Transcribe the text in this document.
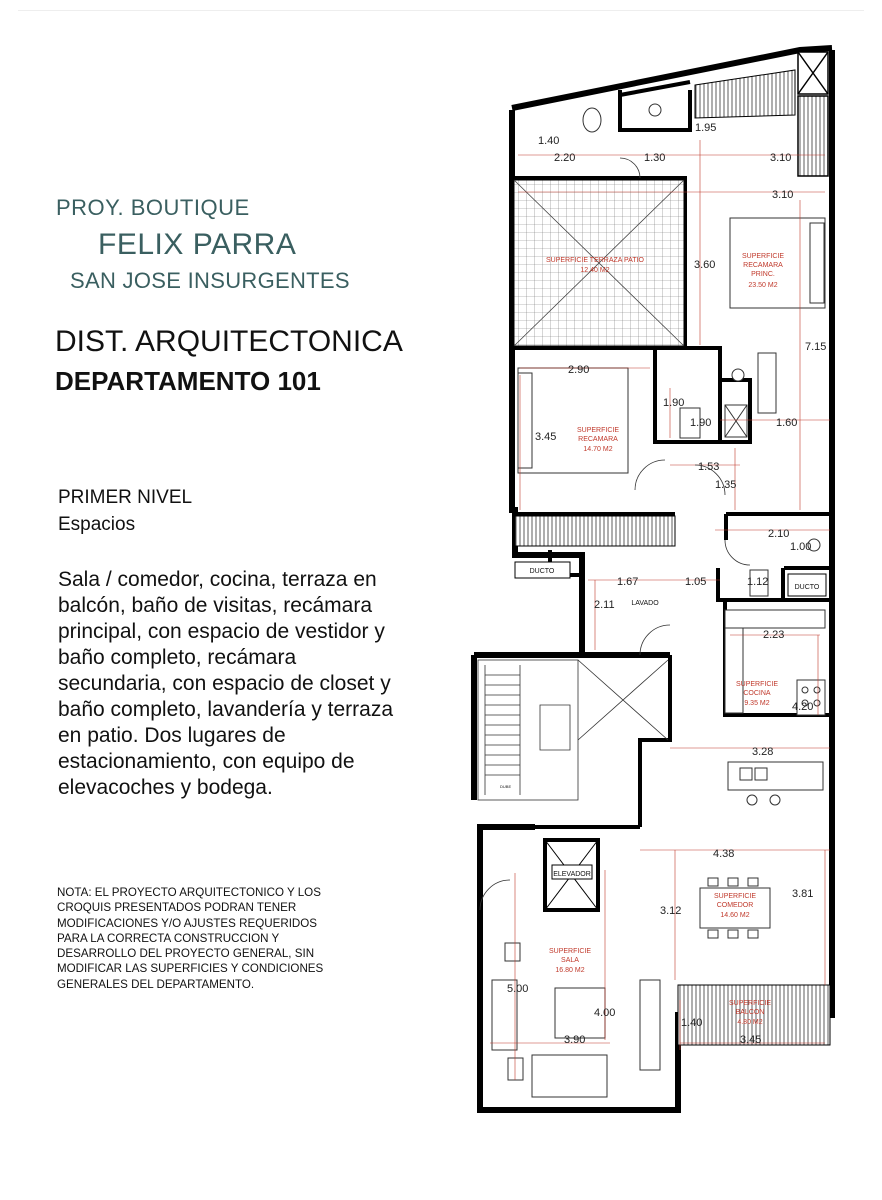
PROY. BOUTIQUE
FELIX PARRA
SAN JOSE INSURGENTES
DIST. ARQUITECTONICA
DEPARTAMENTO 101
PRIMER NIVEL
Espacios

Sala / comedor, cocina, terraza en balcón, baño de visitas, recámara principal, con espacio de vestidor y baño completo, recámara secundaria, con espacio de closet y baño completo, lavandería y terraza en patio. Dos lugares de estacionamiento, con equipo de elevacoches y bodega.

NOTA: EL PROYECTO ARQUITECTONICO Y LOS CROQUIS PRESENTADOS PODRAN TENER MODIFICACIONES Y/O AJUSTES REQUERIDOS PARA LA CORRECTA CONSTRUCCION Y DESARROLLO DEL PROYECTO GENERAL, SIN MODIFICAR LAS SUPERFICIES Y CONDICIONES GENERALES DEL DEPARTAMENTO.

SUPERFICIE TERRAZA PATIO
12.40 M2
SUPERFICIE
RECAMARA
PRINC.
23.50 M2
SUPERFICIE
RECAMARA
14.70 M2
DUCTO
DUCTO
LAVADO
DUBE
ELEVADOR
SUPERFICIE
COCINA
9.35 M2
SUPERFICIE
COMEDOR
14.60 M2
SUPERFICIE
SALA
16.80 M2
SUPERFICIE
BALCON
4.80 M2
1.40
2.20	1.30	3.10
1.95
3.10
3.60
7.15
2.90
3.45
1.90
1.90	1.60
1.53
1.35
2.10
1.00
1.67	1.05	1.12
2.11
2.23
4.20
3.28
4.38
3.12
3.81
5.00
4.00
3.90
1.40
3.45
